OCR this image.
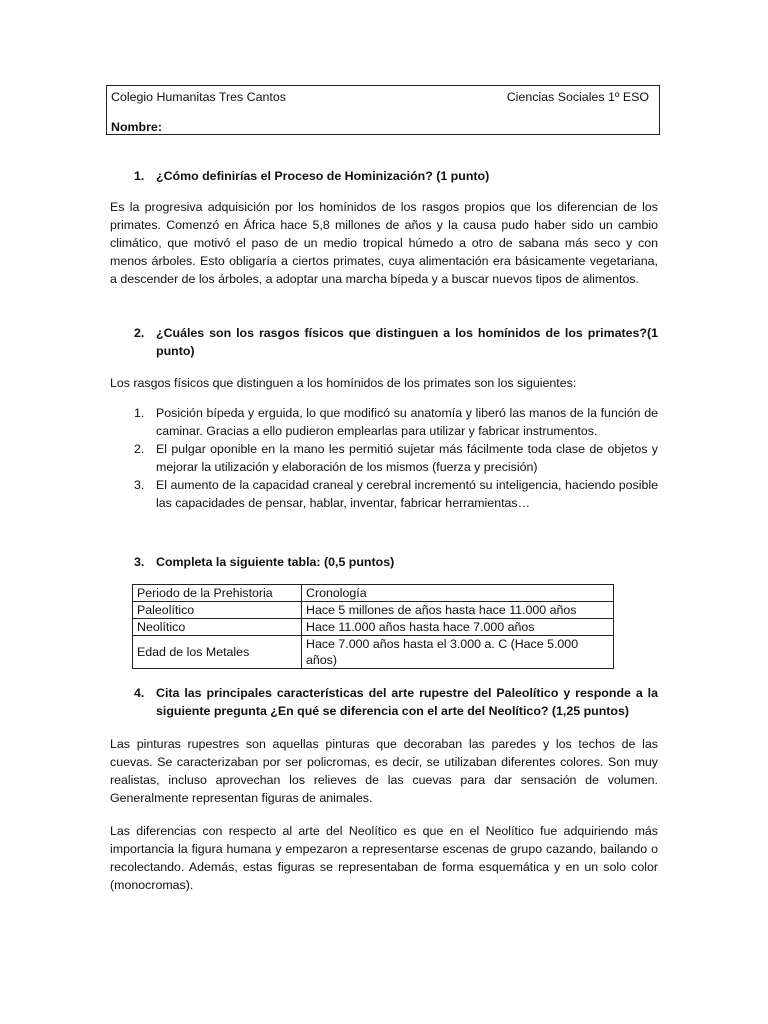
Colegio Humanitas Tres Cantos	Ciencias Sociales 1º ESO
Nombre:
1. ¿Cómo definirías el Proceso de Hominización? (1 punto)
Es la progresiva adquisición por los homínidos de los rasgos propios que los diferencian de los primates. Comenzó en África hace 5,8 millones de años y la causa pudo haber sido un cambio climático, que motivó el paso de un medio tropical húmedo a otro de sabana más seco y con menos árboles. Esto obligaría a ciertos primates, cuya alimentación era básicamente vegetariana, a descender de los árboles, a adoptar una marcha bípeda y a buscar nuevos tipos de alimentos.
2. ¿Cuáles son los rasgos físicos que distinguen a los homínidos de los primates?(1 punto)
Los rasgos físicos que distinguen a los homínidos de los primates son los siguientes:
1. Posición bípeda y erguida, lo que modificó su anatomía y liberó las manos de la función de caminar. Gracias a ello pudieron emplearlas para utilizar y fabricar instrumentos.
2. El pulgar oponible en la mano les permitió sujetar más fácilmente toda clase de objetos y mejorar la utilización y elaboración de los mismos (fuerza y precisión)
3. El aumento de la capacidad craneal y cerebral incrementó su inteligencia, haciendo posible las capacidades de pensar, hablar, inventar, fabricar herramientas…
3. Completa la siguiente tabla: (0,5 puntos)
Periodo de la Prehistoria	Cronología
Paleolítico	Hace 5 millones de años hasta hace 11.000 años
Neolítico	Hace 11.000 años hasta hace 7.000 años
Edad de los Metales	Hace 7.000 años hasta el 3.000 a. C (Hace 5.000 años)
4. Cita las principales características del arte rupestre del Paleolítico y responde a la siguiente pregunta ¿En qué se diferencia con el arte del Neolítico? (1,25 puntos)
Las pinturas rupestres son aquellas pinturas que decoraban las paredes y los techos de las cuevas. Se caracterizaban por ser policromas, es decir, se utilizaban diferentes colores. Son muy realistas, incluso aprovechan los relieves de las cuevas para dar sensación de volumen. Generalmente representan figuras de animales.
Las diferencias con respecto al arte del Neolítico es que en el Neolítico fue adquiriendo más importancia la figura humana y empezaron a representarse escenas de grupo cazando, bailando o recolectando. Además, estas figuras se representaban de forma esquemática y en un solo color (monocromas).
